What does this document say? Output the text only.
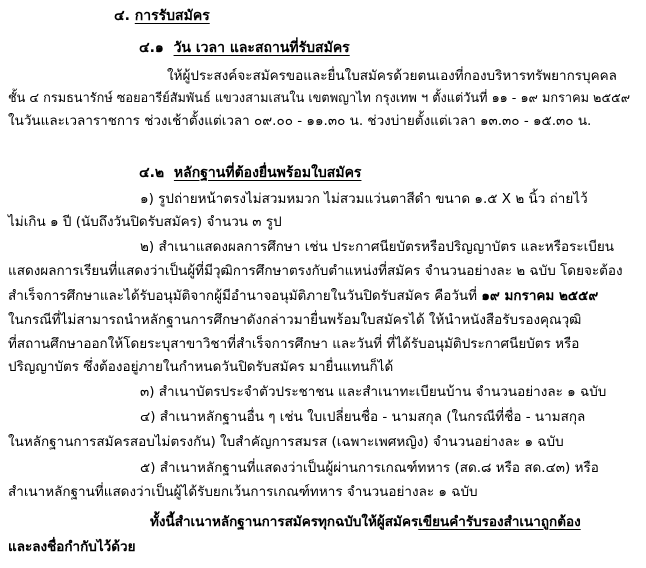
๔. การรับสมัคร
๔.๑ วัน เวลา และสถานที่รับสมัคร
ให้ผู้ประสงค์จะสมัครขอและยื่นใบสมัครด้วยตนเองที่กองบริหารทรัพยากรบุคคล
ชั้น ๔ กรมธนารักษ์ ซอยอารีย์สัมพันธ์ แขวงสามเสนใน เขตพญาไท กรุงเทพ ฯ ตั้งแต่วันที่ ๑๑ - ๑๙ มกราคม ๒๕๕๙
ในวันและเวลาราชการ ช่วงเช้าตั้งแต่เวลา ๐๙.๐๐ - ๑๑.๓๐ น. ช่วงบ่ายตั้งแต่เวลา ๑๓.๓๐ - ๑๕.๓๐ น.
๔.๒ หลักฐานที่ต้องยื่นพร้อมใบสมัคร
๑) รูปถ่ายหน้าตรงไม่สวมหมวก ไม่สวมแว่นตาสีดำ ขนาด ๑.๕ X ๒ นิ้ว ถ่ายไว้
ไม่เกิน ๑ ปี (นับถึงวันปิดรับสมัคร) จำนวน ๓ รูป
๒) สำเนาแสดงผลการศึกษา เช่น ประกาศนียบัตรหรือปริญญาบัตร และหรือระเบียน
แสดงผลการเรียนที่แสดงว่าเป็นผู้ที่มีวุฒิการศึกษาตรงกับตำแหน่งที่สมัคร จำนวนอย่างละ ๒ ฉบับ โดยจะต้อง
สำเร็จการศึกษาและได้รับอนุมัติจากผู้มีอำนาจอนุมัติภายในวันปิดรับสมัคร คือวันที่ ๑๙ มกราคม ๒๕๕๙
ในกรณีที่ไม่สามารถนำหลักฐานการศึกษาดังกล่าวมายื่นพร้อมใบสมัครได้ ให้นำหนังสือรับรองคุณวุฒิ
ที่สถานศึกษาออกให้โดยระบุสาขาวิชาที่สำเร็จการศึกษา และวันที่ ที่ได้รับอนุมัติประกาศนียบัตร หรือ
ปริญญาบัตร ซึ่งต้องอยู่ภายในกำหนดวันปิดรับสมัคร มายื่นแทนก็ได้
๓) สำเนาบัตรประจำตัวประชาชน และสำเนาทะเบียนบ้าน จำนวนอย่างละ ๑ ฉบับ
๔) สำเนาหลักฐานอื่น ๆ เช่น ใบเปลี่ยนชื่อ - นามสกุล (ในกรณีที่ชื่อ - นามสกุล
ในหลักฐานการสมัครสอบไม่ตรงกัน) ใบสำคัญการสมรส (เฉพาะเพศหญิง) จำนวนอย่างละ ๑ ฉบับ
๕) สำเนาหลักฐานที่แสดงว่าเป็นผู้ผ่านการเกณฑ์ทหาร (สด.๘ หรือ สด.๔๓) หรือ
สำเนาหลักฐานที่แสดงว่าเป็นผู้ได้รับยกเว้นการเกณฑ์ทหาร จำนวนอย่างละ ๑ ฉบับ
ทั้งนี้สำเนาหลักฐานการสมัครทุกฉบับให้ผู้สมัครเขียนคำรับรองสำเนาถูกต้อง
และลงชื่อกำกับไว้ด้วย
